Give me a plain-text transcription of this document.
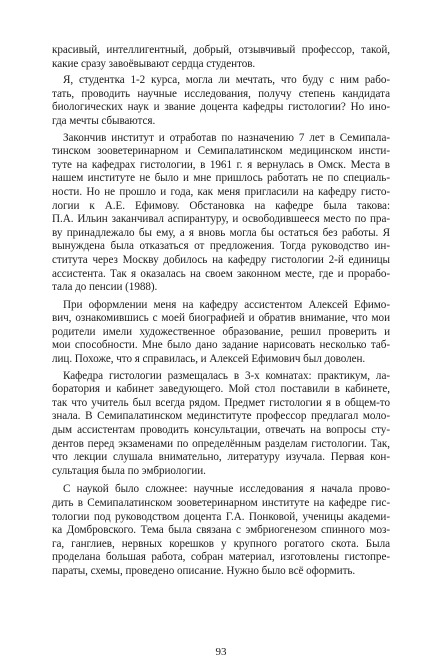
красивый, интеллигентный, добрый, отзывчивый профессор, такой,
какие сразу завоёвывают сердца студентов.

Я, студентка 1-2 курса, могла ли мечтать, что буду с ним рабо-
тать, проводить научные исследования, получу степень кандидата
биологических наук и звание доцента кафедры гистологии? Но ино-
гда мечты сбываются.

Закончив институт и отработав по назначению 7 лет в Семипала-
тинском зооветеринарном и Семипалатинском медицинском инсти-
туте на кафедрах гистологии, в 1961 г. я вернулась в Омск. Места в
нашем институте не было и мне пришлось работать не по специаль-
ности. Но не прошло и года, как меня пригласили на кафедру гисто-
логии к А.Е. Ефимову. Обстановка на кафедре была такова:
П.А. Ильин заканчивал аспирантуру, и освободившееся место по пра-
ву принадлежало бы ему, а я вновь могла бы остаться без работы. Я
вынуждена была отказаться от предложения. Тогда руководство ин-
ститута через Москву добилось на кафедру гистологии 2-й единицы
ассистента. Так я оказалась на своем законном месте, где и прорабо-
тала до пенсии (1988).

При оформлении меня на кафедру ассистентом Алексей Ефимо-
вич, ознакомившись с моей биографией и обратив внимание, что мои
родители имели художественное образование, решил проверить и
мои способности. Мне было дано задание нарисовать несколько таб-
лиц. Похоже, что я справилась, и Алексей Ефимович был доволен.

Кафедра гистологии размещалась в 3-х комнатах: практикум, ла-
боратория и кабинет заведующего. Мой стол поставили в кабинете,
так что учитель был всегда рядом. Предмет гистологии я в общем-то
знала. В Семипалатинском мединституте профессор предлагал моло-
дым ассистентам проводить консультации, отвечать на вопросы сту-
дентов перед экзаменами по определённым разделам гистологии. Так,
что лекции слушала внимательно, литературу изучала. Первая кон-
сультация была по эмбриологии.

С наукой было сложнее: научные исследования я начала прово-
дить в Семипалатинском зооветеринарном институте на кафедре гис-
тологии под руководством доцента Г.А. Понковой, ученицы академи-
ка Домбровского. Тема была связана с эмбриогенезом спинного моз-
га, ганглиев, нервных корешков у крупного рогатого скота. Была
проделана большая работа, собран материал, изготовлены гистопре-
параты, схемы, проведено описание. Нужно было всё оформить.

93
